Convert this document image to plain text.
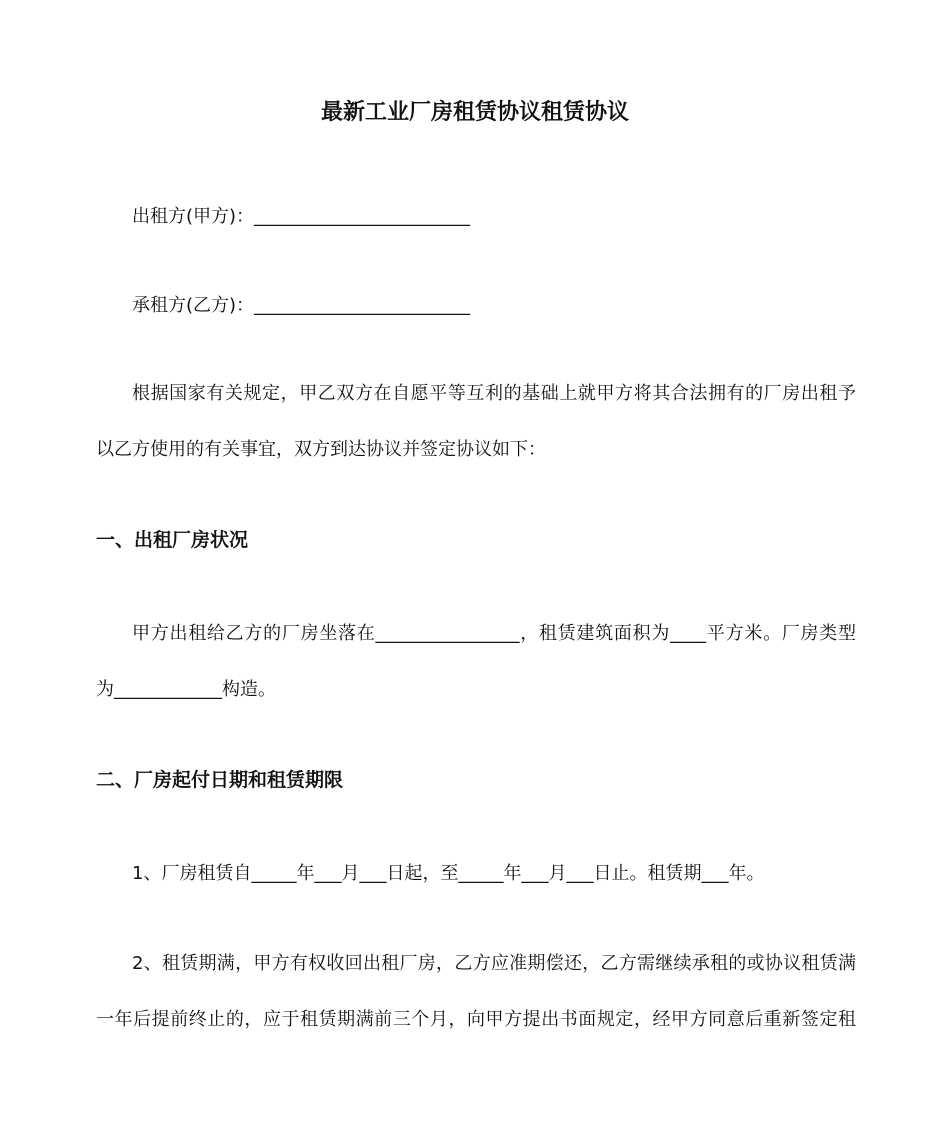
最新工业厂房租赁协议租赁协议
出租方(甲方)：________________________
承租方(乙方)：________________________
根据国家有关规定，甲乙双方在自愿平等互利的基础上就甲方将其合法拥有的厂房出租予
以乙方使用的有关事宜，双方到达协议并签定协议如下：
一、出租厂房状况
甲方出租给乙方的厂房坐落在________________，租赁建筑面积为____平方米。厂房类型
为____________构造。
二、厂房起付日期和租赁期限
1、厂房租赁自_____年___月___日起，至_____年___月___日止。租赁期___年。
2、租赁期满，甲方有权收回出租厂房，乙方应准期偿还，乙方需继续承租的或协议租赁满
一年后提前终止的，应于租赁期满前三个月，向甲方提出书面规定，经甲方同意后重新签定租
